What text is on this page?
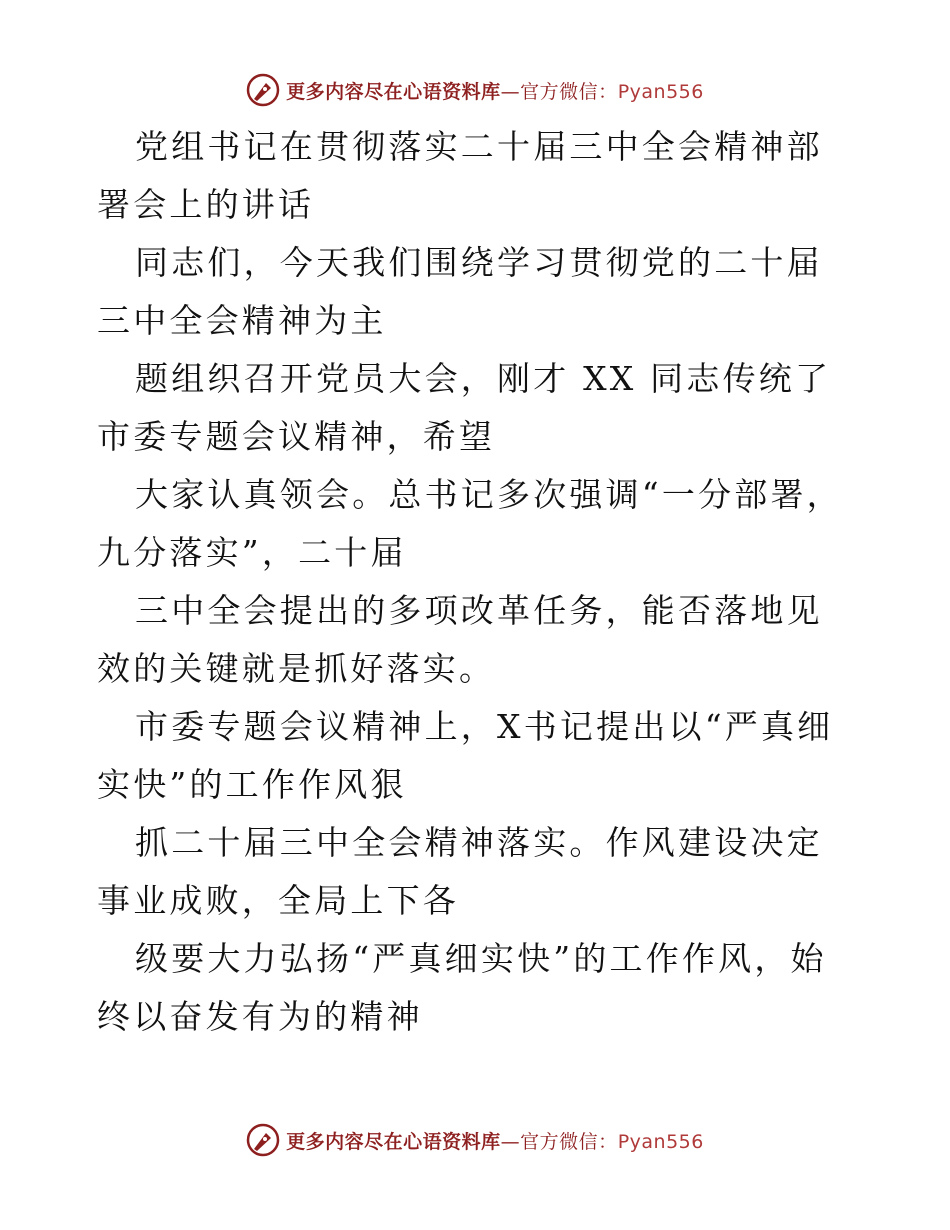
更多内容尽在心语资料库—官方微信：Pyan556

党组书记在贯彻落实二十届三中全会精神部署会上的讲话

同志们，今天我们围绕学习贯彻党的二十届三中全会精神为主

题组织召开党员大会，刚才 XX 同志传统了市委专题会议精神，希望

大家认真领会。总书记多次强调“一分部署，九分落实”，二十届

三中全会提出的多项改革任务，能否落地见效的关键就是抓好落实。

市委专题会议精神上，X书记提出以“严真细实快”的工作作风狠

抓二十届三中全会精神落实。作风建设决定事业成败，全局上下各

级要大力弘扬“严真细实快”的工作作风，始终以奋发有为的精神

更多内容尽在心语资料库—官方微信：Pyan556
